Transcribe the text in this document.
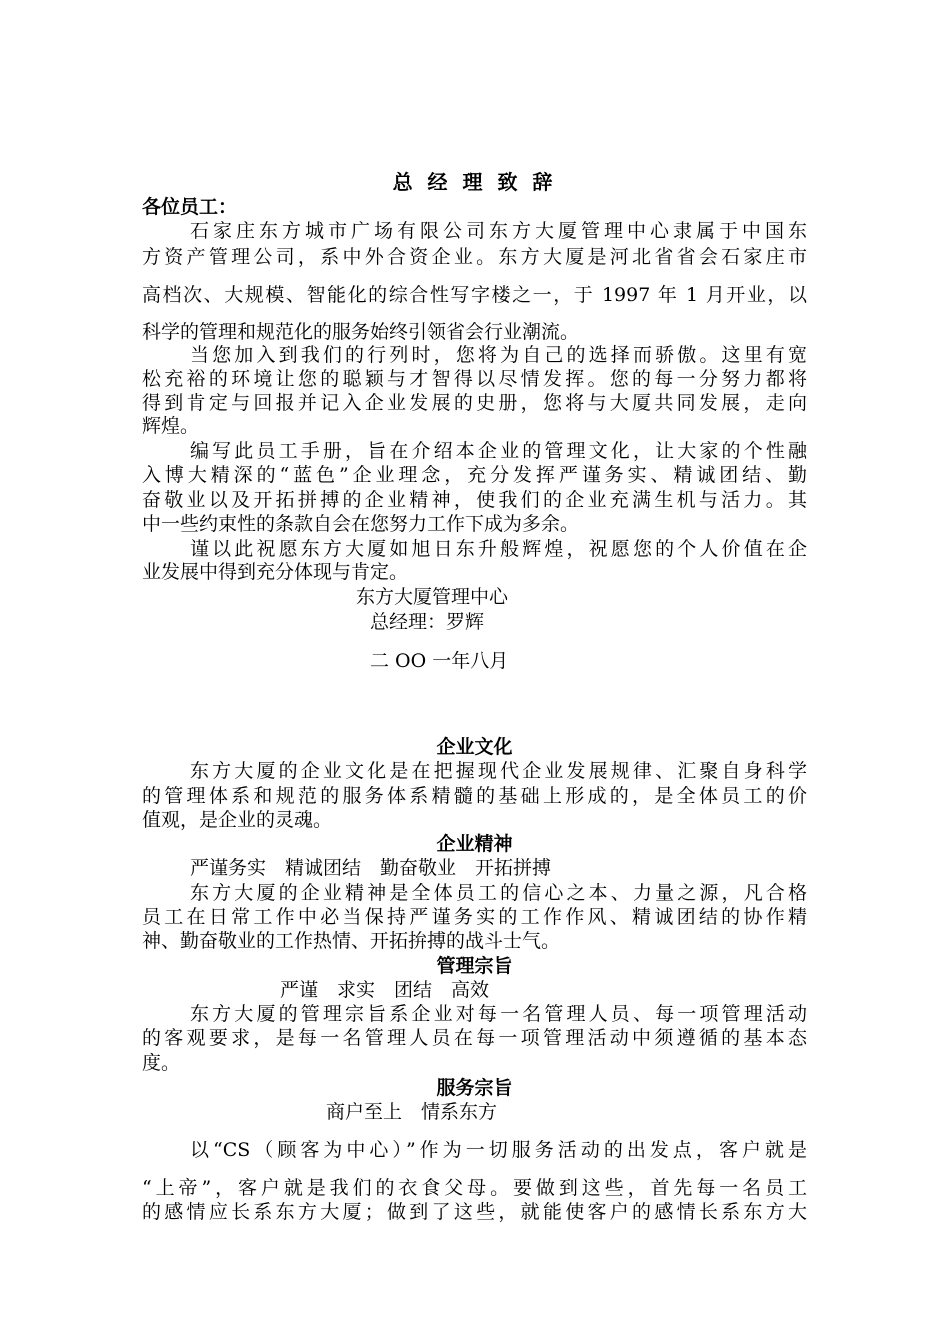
总 经 理 致 辞
各位员工：
石家庄东方城市广场有限公司东方大厦管理中心隶属于中国东
方资产管理公司，系中外合资企业。东方大厦是河北省省会石家庄市
高档次、大规模、智能化的综合性写字楼之一，于 1997 年 1 月开业，以
科学的管理和规范化的服务始终引领省会行业潮流。
当您加入到我们的行列时，您将为自己的选择而骄傲。这里有宽
松充裕的环境让您的聪颖与才智得以尽情发挥。您的每一分努力都将
得到肯定与回报并记入企业发展的史册，您将与大厦共同发展，走向
辉煌。
编写此员工手册，旨在介绍本企业的管理文化，让大家的个性融
入博大精深的“蓝色”企业理念，充分发挥严谨务实、精诚团结、勤
奋敬业以及开拓拼搏的企业精神，使我们的企业充满生机与活力。其
中一些约束性的条款自会在您努力工作下成为多余。
谨以此祝愿东方大厦如旭日东升般辉煌，祝愿您的个人价值在企
业发展中得到充分体现与肯定。
东方大厦管理中心
总经理：罗辉
二 OO 一年八月
企业文化
东方大厦的企业文化是在把握现代企业发展规律、汇聚自身科学
的管理体系和规范的服务体系精髓的基础上形成的，是全体员工的价
值观，是企业的灵魂。
企业精神
严谨务实　精诚团结　勤奋敬业　开拓拼搏
东方大厦的企业精神是全体员工的信心之本、力量之源，凡合格
员工在日常工作中必当保持严谨务实的工作作风、精诚团结的协作精
神、勤奋敬业的工作热情、开拓拚搏的战斗士气。
管理宗旨
严谨　求实　团结　高效
东方大厦的管理宗旨系企业对每一名管理人员、每一项管理活动
的客观要求，是每一名管理人员在每一项管理活动中须遵循的基本态
度。
服务宗旨
商户至上　情系东方
以“CS（顾客为中心）”作为一切服务活动的出发点，客户就是
“上帝”，客户就是我们的衣食父母。要做到这些，首先每一名员工
的感情应长系东方大厦；做到了这些，就能使客户的感情长系东方大
